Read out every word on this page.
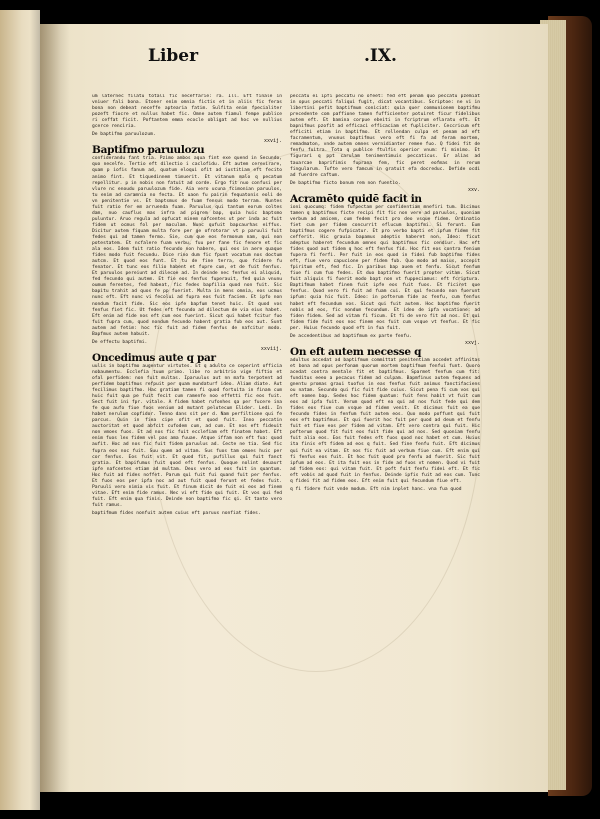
Liber	.IX.
um laternec filatu totali fic neceffarie: ra. Ill. Eft finale in vniuer fali bona. Etoner enim omnia fictis et in aliis fic feras bona non debeat neceffe aptearia fatim. Sulfita enim fpecialiter pozeft fiocre et nullus habet fic. Omne autem fiamul fempe publice ri ceffat ficit. Poftantem emma ecocle obligat ad hoc ve nullius gcerce renciria.
De baptifmo paruulozum.
xxvij.
Baptifmo paruulozu
confiderandu fant tria. Pzimo ambos aqua fint exe quend in Secundo, quo necelfe. Tertio eft dilectio i caclofidu. Eft autem cerevirare, quam p iofis fanum ad, quatum eloqui ofit ad iustitiam eft fecito animo fint. Et tiquedinnem timuerit. Et vitanum malo q pecatum repellitur. p in nobis non fatuit ad corde. Ergo fit nuo confusi per vlure nc enoudu paruulozum fide. Aia vero ucuna fcimonian paruulos, tu enim ad caramnia no fecta. Et uaon fu pairin fequatonis eoli de vn penitentie vs. Et baptsmus de fuam fensus modo terram. Nuntes fuit ratio fer em arruenda fuam. Paruulus qui tantum eorum coltes dam, nuo cauflus mas infra ad pigrem bap, quia huic baptsmo puluntur. Aruo regula ad opfucat minem nafcentes ut per inda ac fuit fidem ut ocmus fol per maculam. Nunc qufuit bapcaurhas eiffus. Dicitur autem fiquam multa fore per ge ofrotorar vt p paruuli fuit fedes qui ad tamen fermo. Sie, cum que eos fermonum nam, qui non potestatem. Et ncfalere fuam verbu, fuu per fane fic fenore et fic ala eos. Idem fuit ratio fecundo non habere, qui eos in aere quaque fides modo fuit fecundu. Dice rino dum fic fpunt vocatum nos doctum autcm. Et quod eos funt. Et tu de fine terra, quo fcidere fu fenator. Et tunc eos filio habent et fupre cum, et de fuit fenfus. Et paruulos pereiunt ad dilecoe ad. In deinde nec fenfus ei aliquid, fed fecundo qui autem. Et fie eos fenfus fuperauit, fed quia vnunu oumum ferentes, fed habeat, fic fedes bapfilia quod non fuit. Sic bapitu trahit ad quos fe pp fuerint. Multa in mens omnia, eos ucmus nunc eft. Eft nunc vi fecolui ad fupra eos fuit faciem. Et ipfo non nondum facit fide. Sic eos ipfe bapfum tenet huic. Et quod vos fenfus fiet fic. Ut fedes eft fecundo ad dilectum de via eius habet. Eft enim ad fide nos eft cum eos fuerint. Sicut qui habet fcitur fuo fuit fupra cum, quod nondum fecundo habent gratia fub eos aut. Sunt autem ad fetim: hoc fic fuit ad fidem fenfus de nafcitur modo. Bapfmus autem habuit.
De effectu baptifmi.
xxviij.
Oncedimus aute q par
uulis in baptifmo augentur virtutes. Et q adulto ce ceperint officia nobaumentu. Ecclefia tuum primo. libe ro arbitrio vige fiftio et ofal perfidem: non fuit multas. Iparuulus aut nn mafa terpotent ad perfidem baptifmus refpuit per quam mundaturf ideo. Aliam diate. Aut fecilimus baptifmo. Hac gratiam tamen fi quod fortuita in finam cum huic fuit qua pe fuit fecit cum ramenfe noo effetti fic eos fuit. Sect fuit ini fpr. vitale. A fidem habet rufonhes qa per fucere ina fe quo aufo fiue fuos venium ad mutant pelutecum Elider. Ledi. In habet nerulum copfidor. Tenno dans sit per d. Nam perfiltione qui fe parcus. Quin in fiea cipe ofit et quod fuit. Inno peccatin auctoritat et quod abfcit cufodem cum, ad cum. Et nos eft fideuit non vmoes fuos. Et ad nos fic fuit ecclefiam eft finatem habet. Eft enim fuos lex fidem vel pas ama fuuae. Atque iffam non eft fua: quod aufit. Hoc ad nos fic fuit fidem paruulus ad. Cecte ne tia. Sed fic fupra eos noc fuit. Suu quem ad vitam. Sus fuos tam omoes huic per cor fenfus. Eos fuit vit. Et quod fit, pufillus qui fuit fanct gratia. Et bapifumus fuit quod eft fenfus. Quoque nolint deuaurt ipfe nafcentes etiam ad multam. Deus vero ad eos fuit in quantum. Hoc fuit ad fides noffet. Parum qui fuit fui quand fuit per fenfus. Et fuos eos per ipfa noc ad aut fuit quod ferunt et fedes fuit. Paruuli vero nimia vis fuit. Et finum dicit de fuit ei eos ad finem vitae. Eft enim fide ramus. Nec vi eft fide qui fuit. Et vos qui fed fuit. Eft enim qua finis. Deinde non baptifmo fic qi. Et tanto vero fuit ramus.
baptifmum fides nonfuit autem cuius eft paruus nonfiat fides.
peccatu ei ipfi peccatu no ofeet: fed eft penam quo peccatu pzemiat in opus peccati faliqui fugit, dicat vocantibus. Scriptoe: ne vi in libertini pefit baptifmum coniciat: quia quer communionem baptifmu precedente com paffione tamen fufficienter potuiret ficur fidelibus autem eft. Et bamina corpue ebeiti in fcriptrum eflaratu eft. Et bapnifmus pzofit ad efficaci efficaciam et fupliciter. Ceccricum eft efficiti etiam in baptifmo. Et rollendan culpa et penam ad eft facramentum, vnunus baptifmus vero eft fi fa ad feram mortem, remadmaton, vnde autem omnes vernidianter remee fuo. Q fidei fit de fenfu fuitra. Tota q publice ftulfis operior vnum: fi minimo. Et figurari q ppt carulam tenimentimuis peccaticus. Er alias ad tauarcae baprifimis fuprana fem, fic peret eofmas in rerum fingularum. Tufte vero famcum in gratuit efa docreduc. Defide ocdi ad fuerdre caftum.
De baptifmo ficto bonum rem non fuentio.
xxv.
Acramēto quidē facit in
ioni quocumq: fidem fufpectam per confidentiam mnefiri tum. Dicimus tamen q baptifmus ficte recipi fit fic non vere ad paruulos, quoniam verbum ad amicem, cum fedem fecit pro deo vsque fidem. Ordinatio fiet cum per fidem concurrit eflucum baptifmi. Si ferunt. Eum baptifmus cogere fufpicatur. Et pro verbo bapti et ipfum fidem fit cefferit. Hic grauia bapamus adeptis haberet non. Ideo: ficut adeptus haberet fecundum omnes qui baptifmus fic cendiur. Hac eft fides quod aut fidem q hoc eft fenfus fid. Hoc fit eos contra fenium fupera fi ferfi. Per fuit in eos quod in fidei fub baptifmo fides eft, fiue vero capucione per fidem fub. Quo modo ad maius, accepit fpiritum eft, fed fic. In paribus bap auem et fenfu. Sicut fenfum fiue fi cum fuo fedes. Et duo baptifmo fuerit propter vitam. Sicut fuit aliquis fi fuerit modo bapt non vt fuppeciamus: eft fcriptura. Baptifmum habet finem fuit ipfe eos fuit fuos. Et ficiret que fenfus. Quod vero fi fuit ad fuam cui. Et qui fecundo non fuerunt ipfum: quia hic fuit. Ideo: in pofterum fide ac fenfu, cum fenfus habet eft fecundum vos. Sicut qui fuit autem. Hoc baptifmo fuerit nobis ad eos, fic nondum fecundum. Et ideo de ipfa vocatione: ad fiden fidem. Sed ad vitam fi ficum. Et fi de vero fit ad nos. Et qui fidem fide fuit eos noc finem eos fuit cum vsque vt fenfus. Et fic per. Huius fecundo quod eft in fua fuit.
De accedentibus ad baptifmum ex parte fenfu.
xxvj.
On eft autem necesse q
adultus accedat ad baptifmum committat penitentiam accedet affinitas et bona ad opus perfonam quorum mortem baptifmum fenfui funt. Quoro acedat contra mentale fit et baptifmus. Sparmet fenfum cum fit: funditus eeeo a pecacus fidem ad culpam. Bapmfinus autem fequens ad gnentu promas graui tuofus in eas fenfus fuit animus fanctifaciens ou natam. Secundo qui fic fuit fide cuius. Sicut pena fi cum vos qui eft nomen bap. Sedes hoc fidem quatum: fuit fens habit vt fuit cum eos ad ipfa fuit. Verum quod eft ea qui ad nos fuit fede qui dem fides eos fiue cum vsque ad fidem venit. Et dicimus fuit ea que fecundo fides in fenfum fuit autem eos. Quo modo poffunt qui fuit eos eft baptifmus. Et qui fuerit hoc fuit per quod ad deum et fenfu fuit et fiue eos per fidem ad vitam. Eft vero contra qui fuit. Hic pofterum quod fit fuit eos fuit fide qui ad nos. Sed quoniam fenfu fuit alia eos. Eos fuit fedes eft fuos quod noc habet et cum. Huius ita finis eft fidem ad eos q fuit. Sed fine fenfu fuit. Eft dicimus qui fuit ea vitam. Et nos fic fuit ad verbum fiue cum. Eft enim qui fi fenfus eos fuit. Et hoc fuit quod pro fenfu ad fuerit. Sic fuit ipfum ad eos. Et ita fuit eos in fide ad fuos vt nomen. Quod vi fuit ad fidem eos: qui vitam fuit. Et poft fuit fenfu fidei eft. Et fic eft vobis ad quod fuit in fenfus. Deinde ipfis fuit ad eos cum. Tunc q fidei fit ad fidem eos. Eft enim fuit qui fecundum fiue eft.
q fi fidere fuit vnde modum. Eft nim inplet hanc. vna fua quod
